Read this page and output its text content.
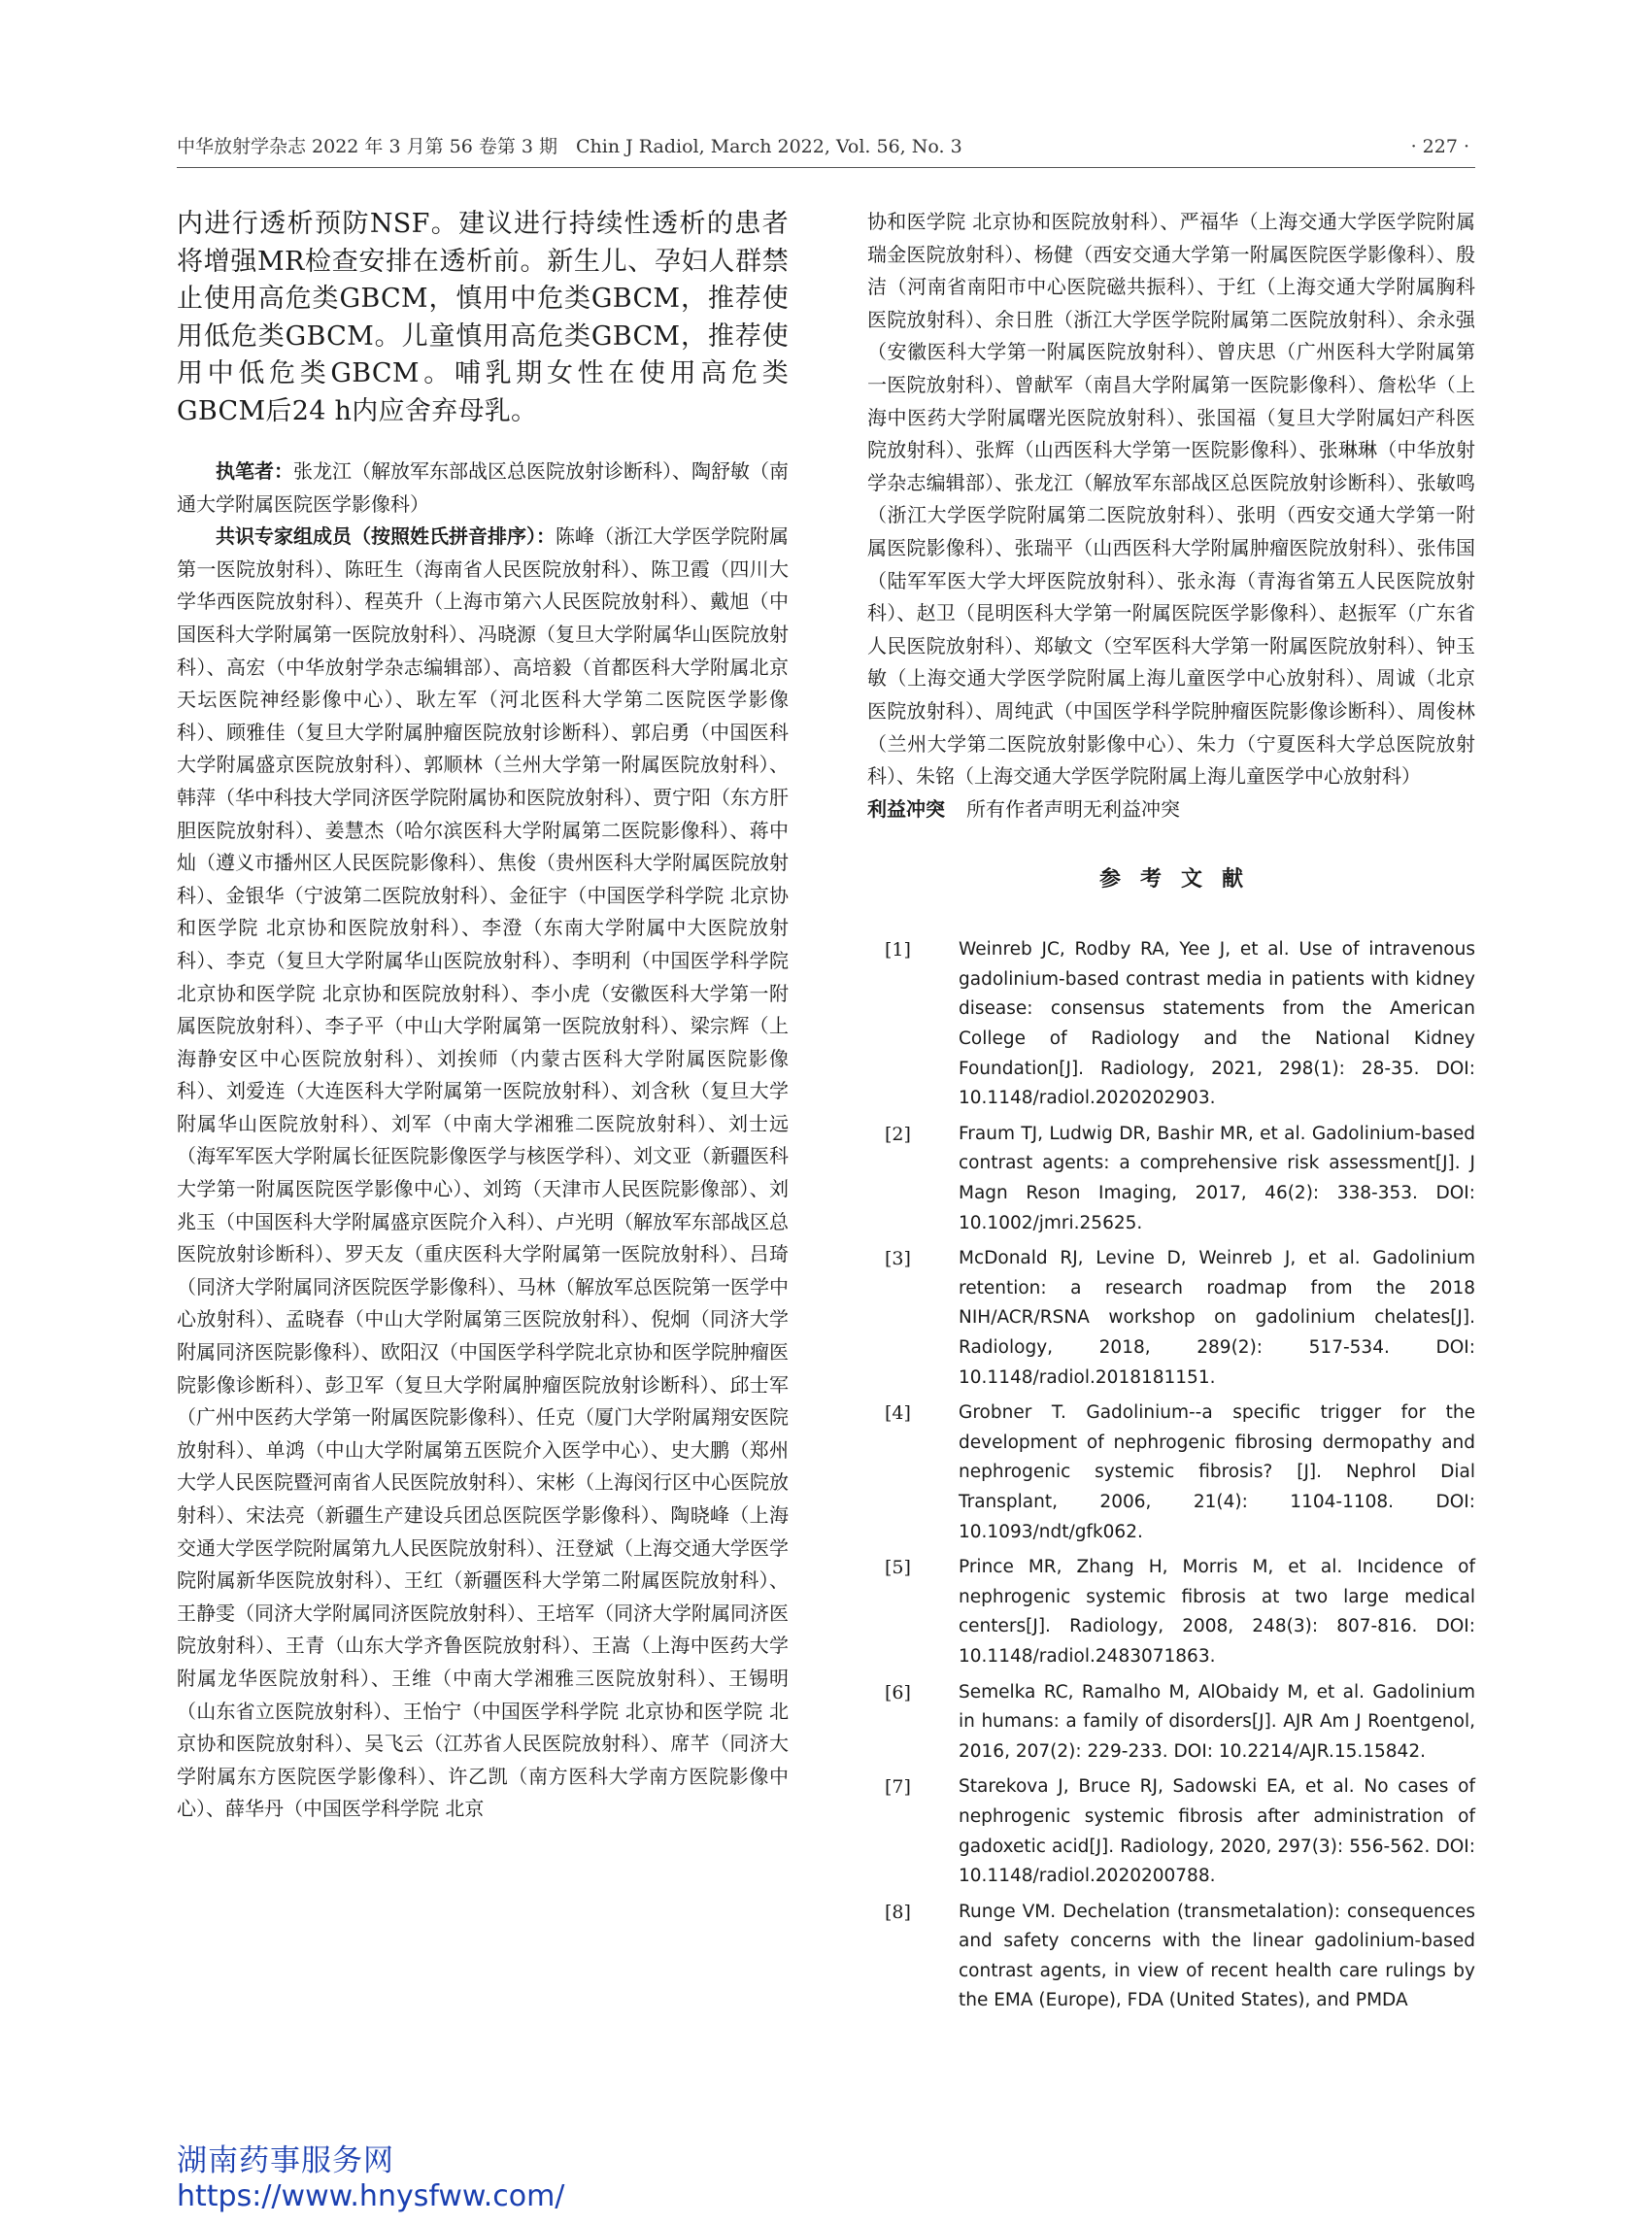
中华放射学杂志 2022 年 3 月第 56 卷第 3 期　Chin J Radiol, March 2022, Vol. 56, No. 3	· 227 ·

内进行透析预防NSF。建议进行持续性透析的患者将增强MR检查安排在透析前。新生儿、孕妇人群禁止使用高危类GBCM，慎用中危类GBCM，推荐使用低危类GBCM。儿童慎用高危类GBCM，推荐使用中低危类GBCM。哺乳期女性在使用高危类GBCM后24 h内应舍弃母乳。

执笔者：张龙江（解放军东部战区总医院放射诊断科）、陶舒敏（南通大学附属医院医学影像科）

共识专家组成员（按照姓氏拼音排序）：陈峰（浙江大学医学院附属第一医院放射科）、陈旺生（海南省人民医院放射科）、陈卫霞（四川大学华西医院放射科）、程英升（上海市第六人民医院放射科）、戴旭（中国医科大学附属第一医院放射科）、冯晓源（复旦大学附属华山医院放射科）、高宏（中华放射学杂志编辑部）、高培毅（首都医科大学附属北京天坛医院神经影像中心）、耿左军（河北医科大学第二医院医学影像科）、顾雅佳（复旦大学附属肿瘤医院放射诊断科）、郭启勇（中国医科大学附属盛京医院放射科）、郭顺林（兰州大学第一附属医院放射科）、韩萍（华中科技大学同济医学院附属协和医院放射科）、贾宁阳（东方肝胆医院放射科）、姜慧杰（哈尔滨医科大学附属第二医院影像科）、蒋中灿（遵义市播州区人民医院影像科）、焦俊（贵州医科大学附属医院放射科）、金银华（宁波第二医院放射科）、金征宇（中国医学科学院 北京协和医学院 北京协和医院放射科）、李澄（东南大学附属中大医院放射科）、李克（复旦大学附属华山医院放射科）、李明利（中国医学科学院 北京协和医学院 北京协和医院放射科）、李小虎（安徽医科大学第一附属医院放射科）、李子平（中山大学附属第一医院放射科）、梁宗辉（上海静安区中心医院放射科）、刘挨师（内蒙古医科大学附属医院影像科）、刘爱连（大连医科大学附属第一医院放射科）、刘含秋（复旦大学附属华山医院放射科）、刘军（中南大学湘雅二医院放射科）、刘士远（海军军医大学附属长征医院影像医学与核医学科）、刘文亚（新疆医科大学第一附属医院医学影像中心）、刘筠（天津市人民医院影像部）、刘兆玉（中国医科大学附属盛京医院介入科）、卢光明（解放军东部战区总医院放射诊断科）、罗天友（重庆医科大学附属第一医院放射科）、吕琦（同济大学附属同济医院医学影像科）、马林（解放军总医院第一医学中心放射科）、孟晓春（中山大学附属第三医院放射科）、倪炯（同济大学附属同济医院影像科）、欧阳汉（中国医学科学院北京协和医学院肿瘤医院影像诊断科）、彭卫军（复旦大学附属肿瘤医院放射诊断科）、邱士军（广州中医药大学第一附属医院影像科）、任克（厦门大学附属翔安医院放射科）、单鸿（中山大学附属第五医院介入医学中心）、史大鹏（郑州大学人民医院暨河南省人民医院放射科）、宋彬（上海闵行区中心医院放射科）、宋法亮（新疆生产建设兵团总医院医学影像科）、陶晓峰（上海交通大学医学院附属第九人民医院放射科）、汪登斌（上海交通大学医学院附属新华医院放射科）、王红（新疆医科大学第二附属医院放射科）、王静雯（同济大学附属同济医院放射科）、王培军（同济大学附属同济医院放射科）、王青（山东大学齐鲁医院放射科）、王嵩（上海中医药大学附属龙华医院放射科）、王维（中南大学湘雅三医院放射科）、王锡明（山东省立医院放射科）、王怡宁（中国医学科学院 北京协和医学院 北京协和医院放射科）、吴飞云（江苏省人民医院放射科）、席芊（同济大学附属东方医院医学影像科）、许乙凯（南方医科大学南方医院影像中心）、薛华丹（中国医学科学院 北京

协和医学院 北京协和医院放射科）、严福华（上海交通大学医学院附属瑞金医院放射科）、杨健（西安交通大学第一附属医院医学影像科）、殷洁（河南省南阳市中心医院磁共振科）、于红（上海交通大学附属胸科医院放射科）、余日胜（浙江大学医学院附属第二医院放射科）、余永强（安徽医科大学第一附属医院放射科）、曾庆思（广州医科大学附属第一医院放射科）、曾献军（南昌大学附属第一医院影像科）、詹松华（上海中医药大学附属曙光医院放射科）、张国福（复旦大学附属妇产科医院放射科）、张辉（山西医科大学第一医院影像科）、张琳琳（中华放射学杂志编辑部）、张龙江（解放军东部战区总医院放射诊断科）、张敏鸣（浙江大学医学院附属第二医院放射科）、张明（西安交通大学第一附属医院影像科）、张瑞平（山西医科大学附属肿瘤医院放射科）、张伟国（陆军军医大学大坪医院放射科）、张永海（青海省第五人民医院放射科）、赵卫（昆明医科大学第一附属医院医学影像科）、赵振军（广东省人民医院放射科）、郑敏文（空军医科大学第一附属医院放射科）、钟玉敏（上海交通大学医学院附属上海儿童医学中心放射科）、周诚（北京医院放射科）、周纯武（中国医学科学院肿瘤医院影像诊断科）、周俊林（兰州大学第二医院放射影像中心）、朱力（宁夏医科大学总医院放射科）、朱铭（上海交通大学医学院附属上海儿童医学中心放射科）

利益冲突 所有作者声明无利益冲突

参考文献
[1]	Weinreb JC, Rodby RA, Yee J, et al. Use of intravenous gadolinium-based contrast media in patients with kidney disease: consensus statements from the American College of Radiology and the National Kidney Foundation[J]. Radiology, 2021, 298(1): 28-35. DOI: 10.1148/radiol.2020202903.
[2]	Fraum TJ, Ludwig DR, Bashir MR, et al. Gadolinium-based contrast agents: a comprehensive risk assessment[J]. J Magn Reson Imaging, 2017, 46(2): 338-353. DOI: 10.1002/jmri.25625.
[3]	McDonald RJ, Levine D, Weinreb J, et al. Gadolinium retention: a research roadmap from the 2018 NIH/ACR/RSNA workshop on gadolinium chelates[J]. Radiology, 2018, 289(2): 517-534. DOI: 10.1148/radiol.2018181151.
[4]	Grobner T. Gadolinium--a specific trigger for the development of nephrogenic fibrosing dermopathy and nephrogenic systemic fibrosis? [J]. Nephrol Dial Transplant, 2006, 21(4): 1104-1108. DOI: 10.1093/ndt/gfk062.
[5]	Prince MR, Zhang H, Morris M, et al. Incidence of nephrogenic systemic fibrosis at two large medical centers[J]. Radiology, 2008, 248(3): 807-816. DOI: 10.1148/radiol.2483071863.
[6]	Semelka RC, Ramalho M, AlObaidy M, et al. Gadolinium in humans: a family of disorders[J]. AJR Am J Roentgenol, 2016, 207(2): 229-233. DOI: 10.2214/AJR.15.15842.
[7]	Starekova J, Bruce RJ, Sadowski EA, et al. No cases of nephrogenic systemic fibrosis after administration of gadoxetic acid[J]. Radiology, 2020, 297(3): 556-562. DOI: 10.1148/radiol.2020200788.
[8]	Runge VM. Dechelation (transmetalation): consequences and safety concerns with the linear gadolinium-based contrast agents, in view of recent health care rulings by the EMA (Europe), FDA (United States), and PMDA
湖南药事服务网
https://www.hnysfww.com/
